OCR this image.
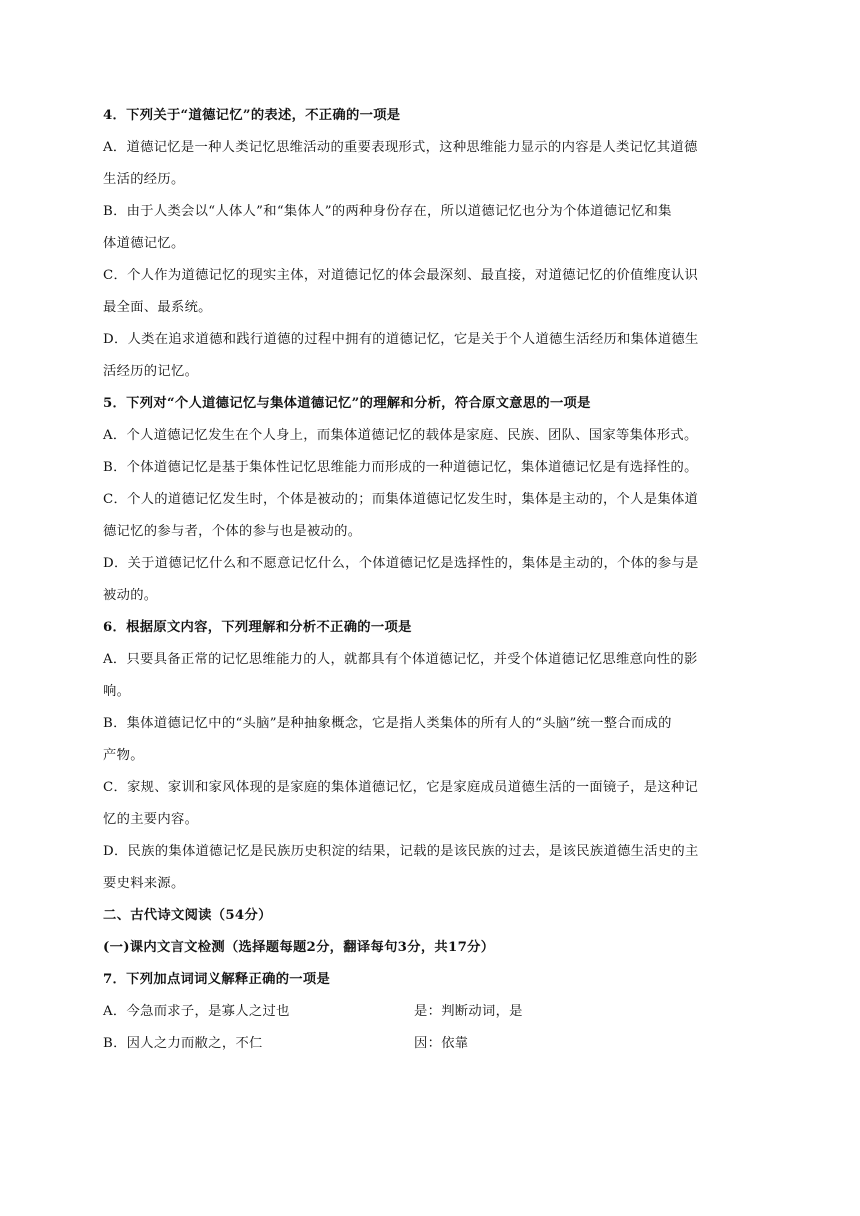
4．下列关于“道德记忆”的表述，不正确的一项是

A．道德记忆是一种人类记忆思维活动的重要表现形式，这种思维能力显示的内容是人类记忆其道德

生活的经历。

B．由于人类会以“人体人”和“集体人”的两种身份存在，所以道德记忆也分为个体道德记忆和集

体道德记忆。

C．个人作为道德记忆的现实主体，对道德记忆的体会最深刻、最直接，对道德记忆的价值维度认识

最全面、最系统。

D．人类在追求道德和践行道德的过程中拥有的道德记忆，它是关于个人道德生活经历和集体道德生

活经历的记忆。

5．下列对“个人道德记忆与集体道德记忆”的理解和分析，符合原文意思的一项是

A．个人道德记忆发生在个人身上，而集体道德记忆的载体是家庭、民族、团队、国家等集体形式。

B．个体道德记忆是基于集体性记忆思维能力而形成的一种道德记忆，集体道德记忆是有选择性的。

C．个人的道德记忆发生时，个体是被动的；而集体道德记忆发生时，集体是主动的，个人是集体道

德记忆的参与者，个体的参与也是被动的。

D．关于道德记忆什么和不愿意记忆什么，个体道德记忆是选择性的，集体是主动的，个体的参与是

被动的。

6．根据原文内容，下列理解和分析不正确的一项是

A．只要具备正常的记忆思维能力的人，就都具有个体道德记忆，并受个体道德记忆思维意向性的影

响。

B．集体道德记忆中的“头脑”是种抽象概念，它是指人类集体的所有人的“头脑”统一整合而成的

产物。

C．家规、家训和家风体现的是家庭的集体道德记忆，它是家庭成员道德生活的一面镜子，是这种记

忆的主要内容。

D．民族的集体道德记忆是民族历史积淀的结果，记载的是该民族的过去，是该民族道德生活史的主

要史料来源。

二、古代诗文阅读（54分）

(一)课内文言文检测（选择题每题2分，翻译每句3分，共17分）

7．下列加点词词义解释正确的一项是

A．今急而求子，是寡人之过也	是：判断动词，是
B．因人之力而敝之，不仁	因：依靠
